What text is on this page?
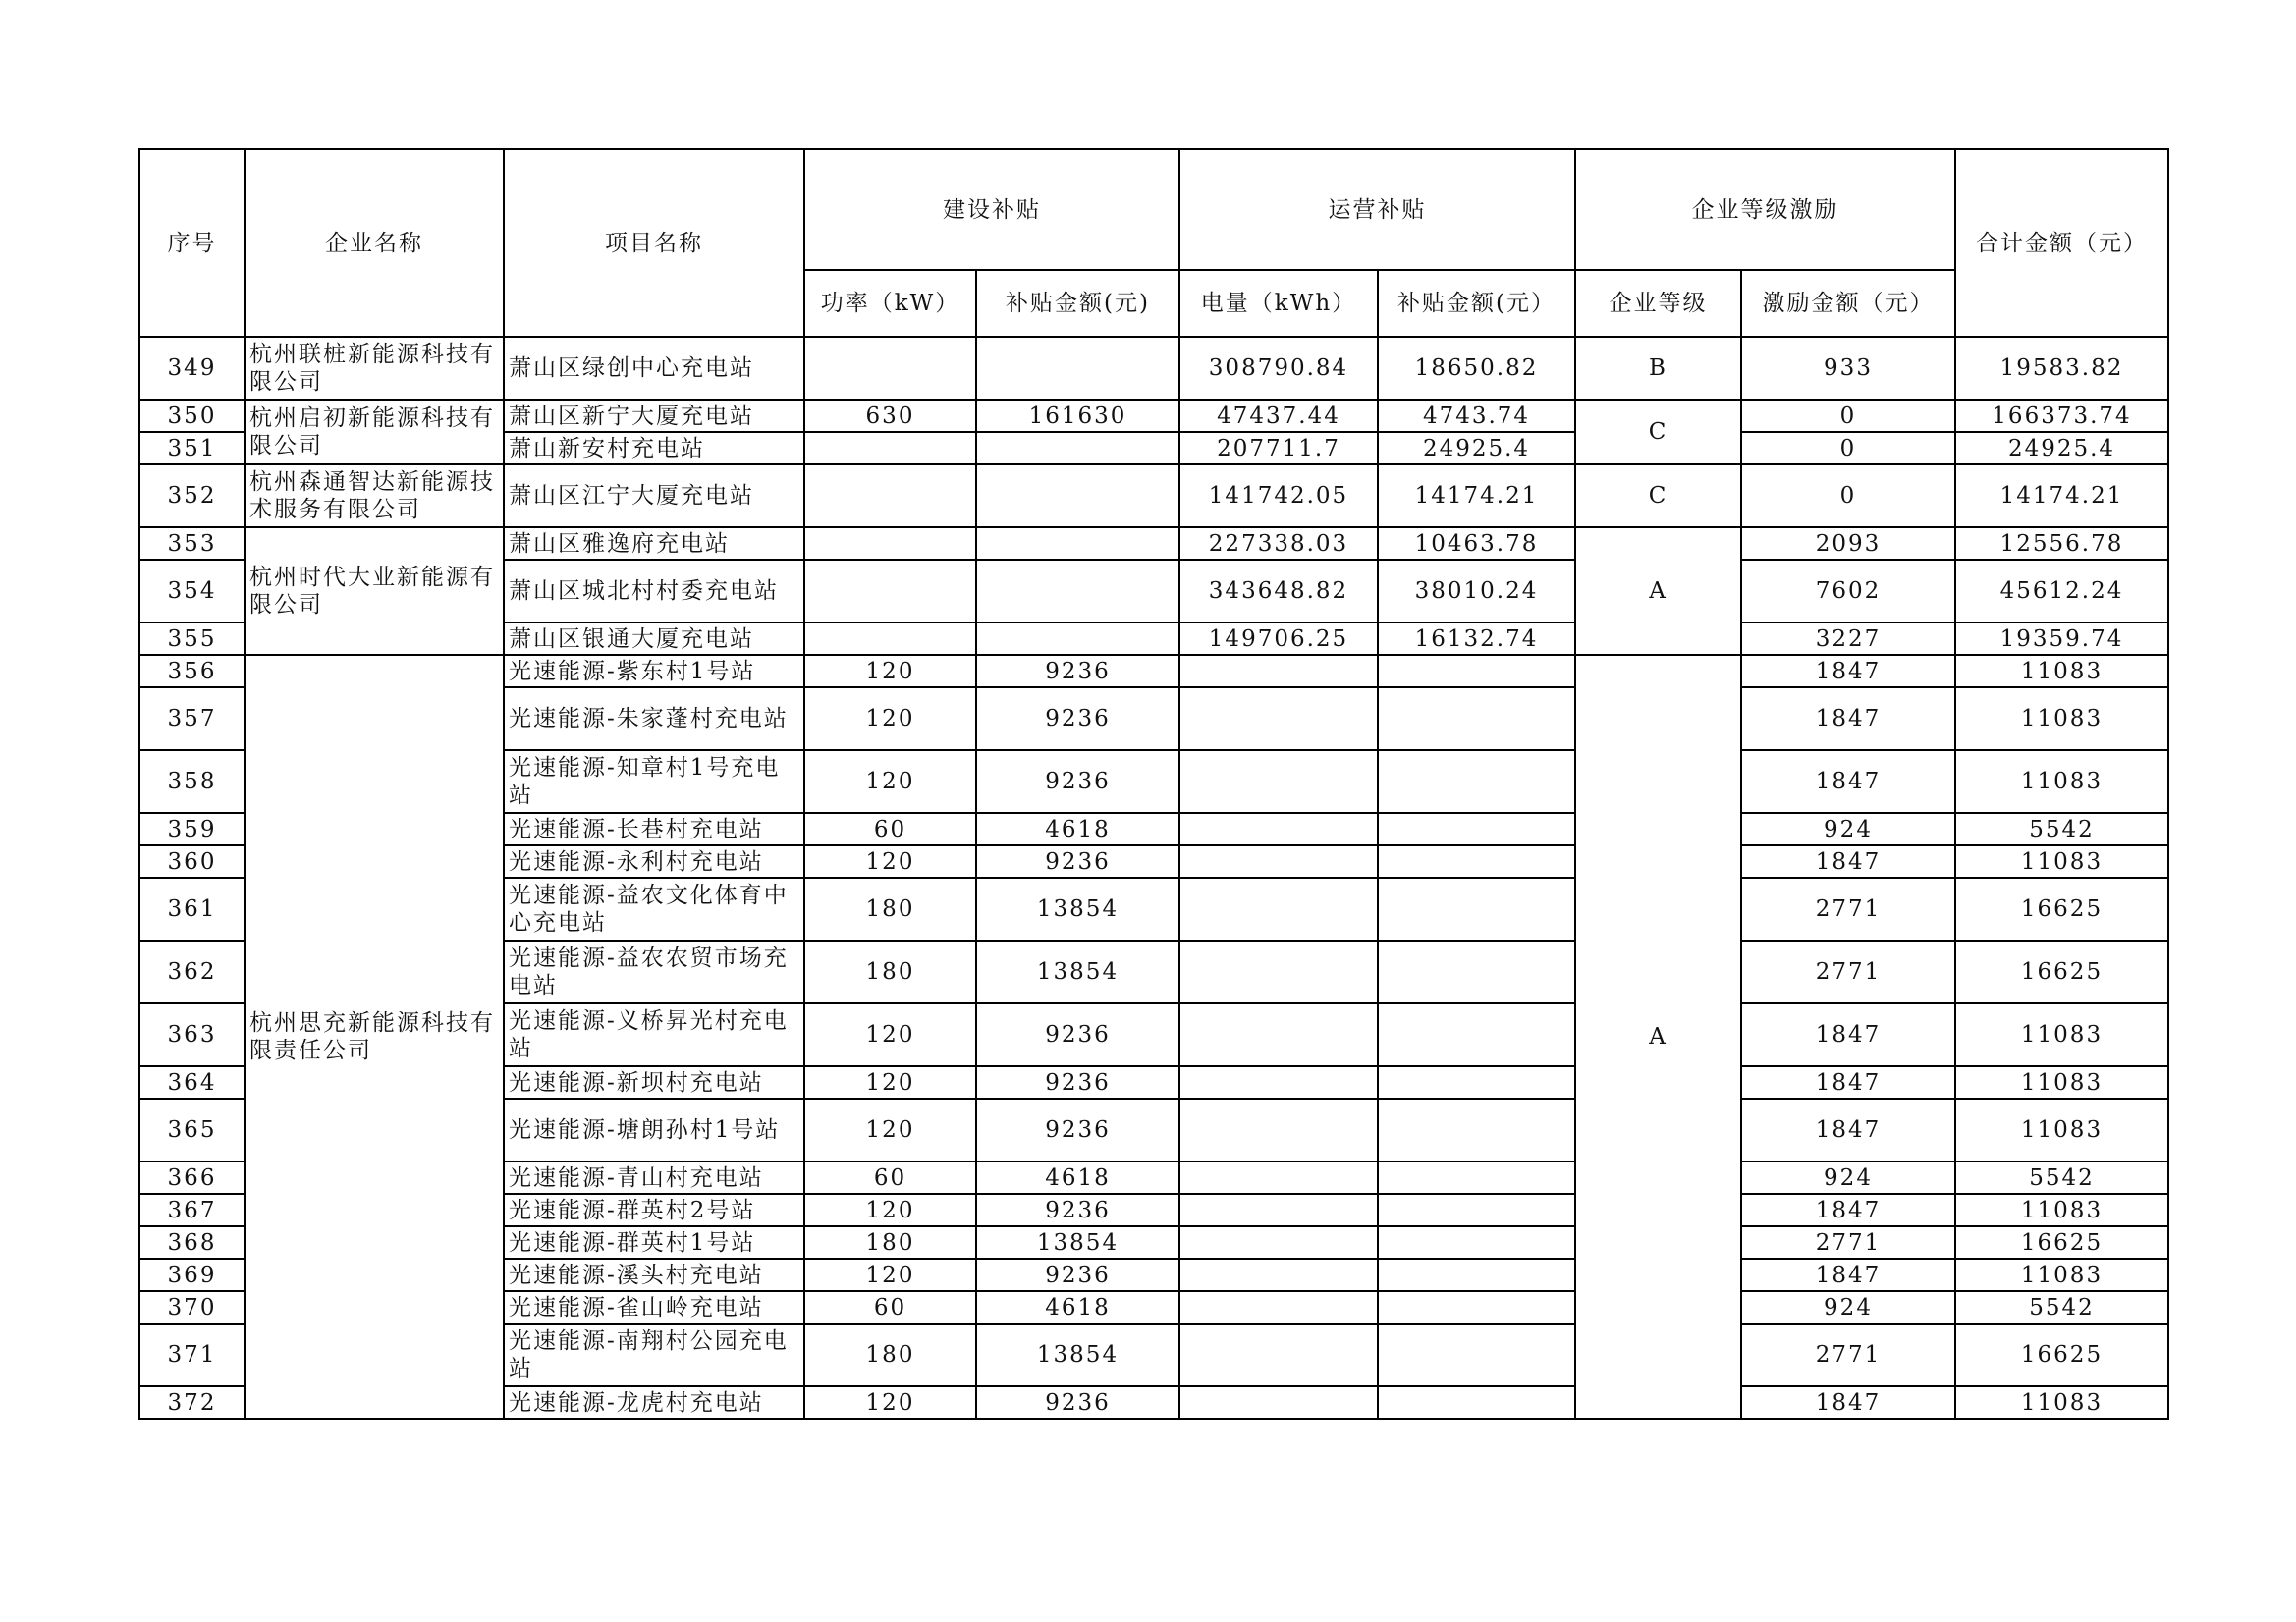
序号	企业名称	项目名称	建设补贴		运营补贴		企业等级激励		合计金额（元）
			功率（kW）	补贴金额(元)	电量（kWh）	补贴金额(元）	企业等级	激励金额（元）	
349	杭州联桩新能源科技有限公司	萧山区绿创中心充电站			308790.84	18650.82	B	933	19583.82
350	杭州启初新能源科技有限公司	萧山区新宁大厦充电站	630	161630	47437.44	4743.74	C	0	166373.74
351		萧山新安村充电站			207711.7	24925.4		0	24925.4
352	杭州森通智达新能源技术服务有限公司	萧山区江宁大厦充电站			141742.05	14174.21	C	0	14174.21
353	杭州时代大业新能源有限公司	萧山区雅逸府充电站			227338.03	10463.78	A	2093	12556.78
354		萧山区城北村村委充电站			343648.82	38010.24		7602	45612.24
355		萧山区银通大厦充电站			149706.25	16132.74		3227	19359.74
356	杭州思充新能源科技有限责任公司	光速能源-紫东村1号站	120	9236			A	1847	11083
357		光速能源-朱家蓬村充电站	120	9236				1847	11083
358		光速能源-知章村1号充电站	120	9236				1847	11083
359		光速能源-长巷村充电站	60	4618				924	5542
360		光速能源-永利村充电站	120	9236				1847	11083
361		光速能源-益农文化体育中心充电站	180	13854				2771	16625
362		光速能源-益农农贸市场充电站	180	13854				2771	16625
363		光速能源-义桥昇光村充电站	120	9236				1847	11083
364		光速能源-新坝村充电站	120	9236				1847	11083
365		光速能源-塘朗孙村1号站	120	9236				1847	11083
366		光速能源-青山村充电站	60	4618				924	5542
367		光速能源-群英村2号站	120	9236				1847	11083
368		光速能源-群英村1号站	180	13854				2771	16625
369		光速能源-溪头村充电站	120	9236				1847	11083
370		光速能源-雀山岭充电站	60	4618				924	5542
371		光速能源-南翔村公园充电站	180	13854				2771	16625
372		光速能源-龙虎村充电站	120	9236				1847	11083
